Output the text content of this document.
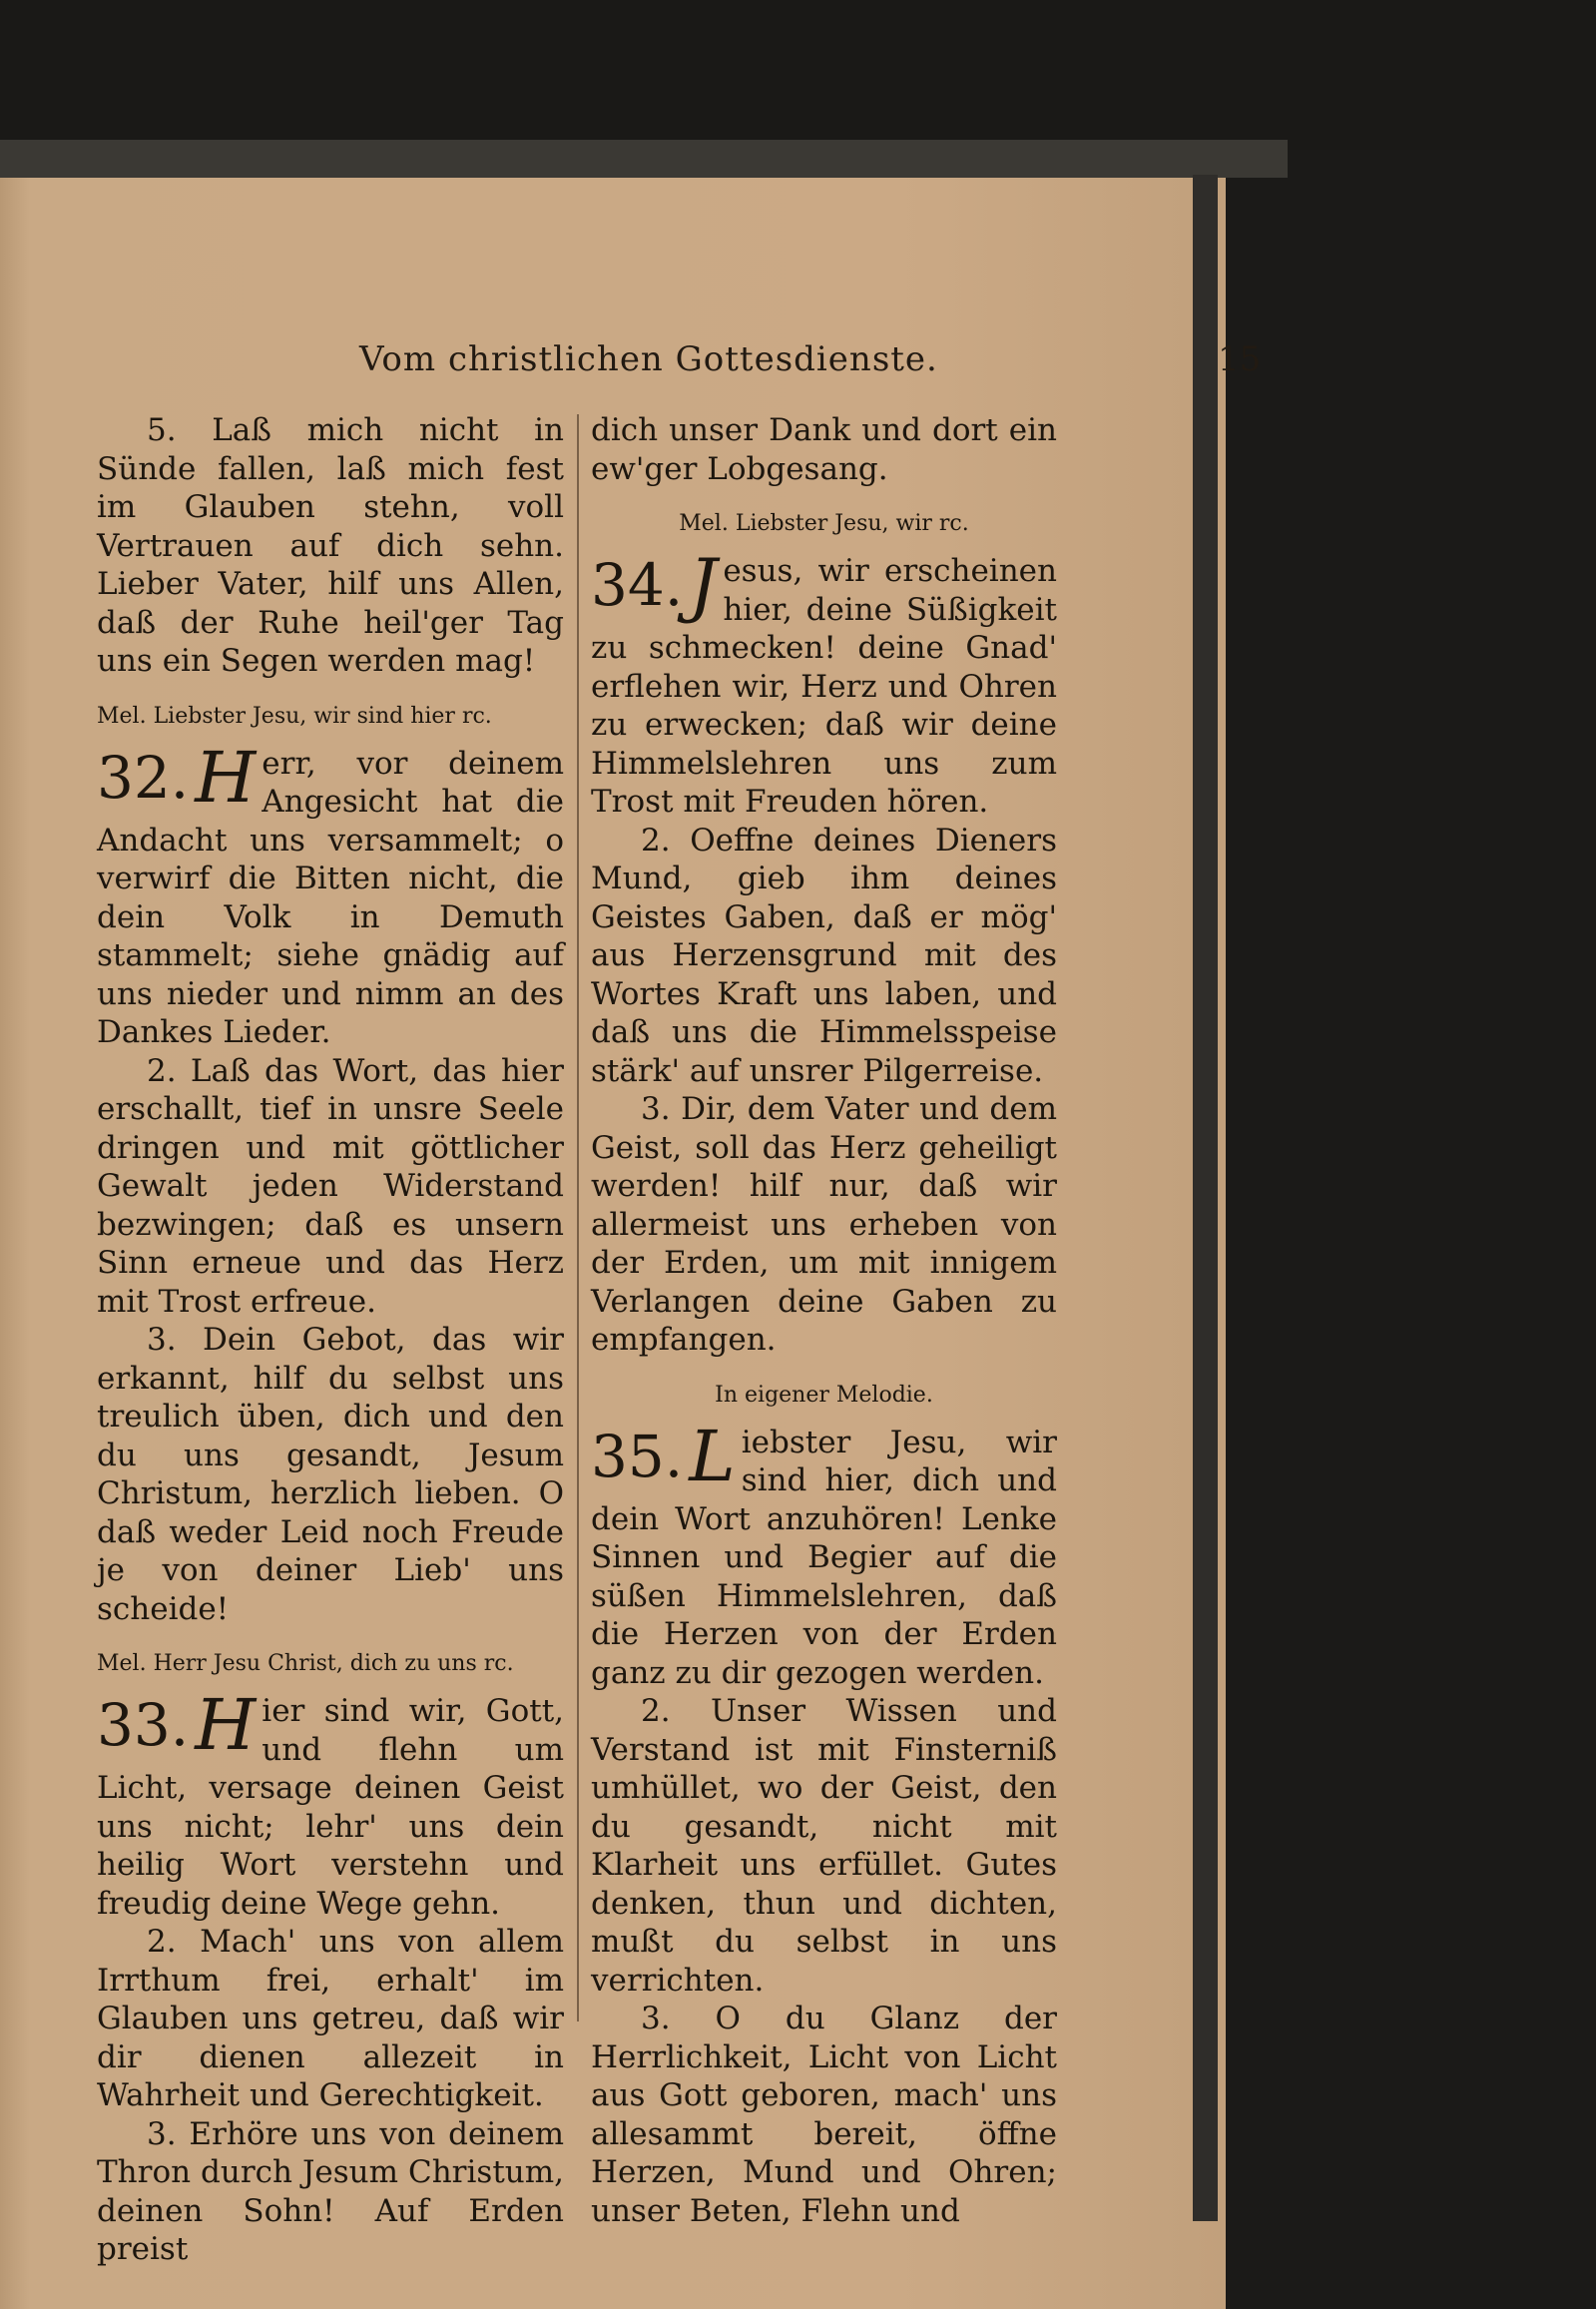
Vom christlichen Gottesdienste.	15

5. Laß mich nicht in Sünde fallen, laß mich fest im Glauben stehn, voll Vertrauen auf dich sehn. Lieber Vater, hilf uns Allen, daß der Ruhe heil'ger Tag uns ein Segen werden mag!

Mel. Liebster Jesu, wir sind hier rc.

32. H err, vor deinem Angesicht hat die Andacht uns versammelt; o verwirf die Bitten nicht, die dein Volk in Demuth stammelt; siehe gnädig auf uns nieder und nimm an des Dankes Lieder.

2. Laß das Wort, das hier erschallt, tief in unsre Seele dringen und mit göttlicher Gewalt jeden Widerstand bezwingen; daß es unsern Sinn erneue und das Herz mit Trost erfreue.

3. Dein Gebot, das wir erkannt, hilf du selbst uns treulich üben, dich und den du uns gesandt, Jesum Christum, herzlich lieben. O daß weder Leid noch Freude je von deiner Lieb' uns scheide!

Mel. Herr Jesu Christ, dich zu uns rc.

33. H ier sind wir, Gott, und flehn um Licht, versage deinen Geist uns nicht; lehr' uns dein heilig Wort verstehn und freudig deine Wege gehn.

2. Mach' uns von allem Irrthum frei, erhalt' im Glauben uns getreu, daß wir dir dienen allezeit in Wahrheit und Gerechtigkeit.

3. Erhöre uns von deinem Thron durch Jesum Christum, deinen Sohn! Auf Erden preist

dich unser Dank und dort ein ew'ger Lobgesang.

Mel. Liebster Jesu, wir rc.

34. J esus, wir erscheinen hier, deine Süßigkeit zu schmecken! deine Gnad' erflehen wir, Herz und Ohren zu erwecken; daß wir deine Himmelslehren uns zum Trost mit Freuden hören.

2. Oeffne deines Dieners Mund, gieb ihm deines Geistes Gaben, daß er mög' aus Herzensgrund mit des Wortes Kraft uns laben, und daß uns die Himmelsspeise stärk' auf unsrer Pilgerreise.

3. Dir, dem Vater und dem Geist, soll das Herz geheiligt werden! hilf nur, daß wir allermeist uns erheben von der Erden, um mit innigem Verlangen deine Gaben zu empfangen.

In eigener Melodie.

35. L iebster Jesu, wir sind hier, dich und dein Wort anzuhören! Lenke Sinnen und Begier auf die süßen Himmelslehren, daß die Herzen von der Erden ganz zu dir gezogen werden.

2. Unser Wissen und Verstand ist mit Finsterniß umhüllet, wo der Geist, den du gesandt, nicht mit Klarheit uns erfüllet. Gutes denken, thun und dichten, mußt du selbst in uns verrichten.

3. O du Glanz der Herrlichkeit, Licht von Licht aus Gott geboren, mach' uns allesammt bereit, öffne Herzen, Mund und Ohren; unser Beten, Flehn und
